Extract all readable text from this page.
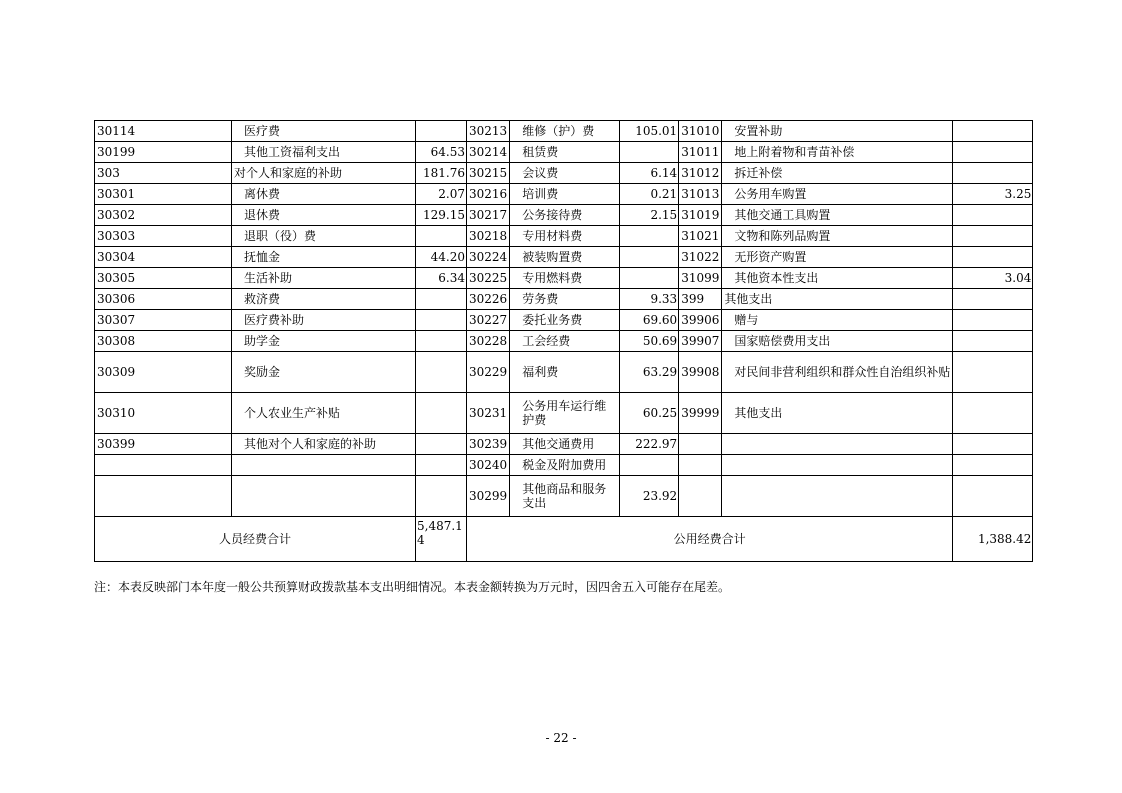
30114	医疗费		30213	维修（护）费	105.01	31010	安置补助	
30199	其他工资福利支出	64.53	30214	租赁费		31011	地上附着物和青苗补偿	
303	对个人和家庭的补助	181.76	30215	会议费	6.14	31012	拆迁补偿	
30301	离休费	2.07	30216	培训费	0.21	31013	公务用车购置	3.25
30302	退休费	129.15	30217	公务接待费	2.15	31019	其他交通工具购置	
30303	退职（役）费		30218	专用材料费		31021	文物和陈列品购置	
30304	抚恤金	44.20	30224	被装购置费		31022	无形资产购置	
30305	生活补助	6.34	30225	专用燃料费		31099	其他资本性支出	3.04
30306	救济费		30226	劳务费	9.33	399	其他支出	
30307	医疗费补助		30227	委托业务费	69.60	39906	赠与	
30308	助学金		30228	工会经费	50.69	39907	国家赔偿费用支出	
30309	奖励金		30229	福利费	63.29	39908	对民间非营利组织和群众性自治组织补贴	
30310	个人农业生产补贴		30231	公务用车运行维护费	60.25	39999	其他支出	
30399	其他对个人和家庭的补助		30239	其他交通费用	222.97			
			30240	税金及附加费用				
			30299	其他商品和服务支出	23.92			
人员经费合计		5,487.14	公用经费合计					1,388.42
注：本表反映部门本年度一般公共预算财政拨款基本支出明细情况。本表金额转换为万元时，因四舍五入可能存在尾差。
- 22 -
